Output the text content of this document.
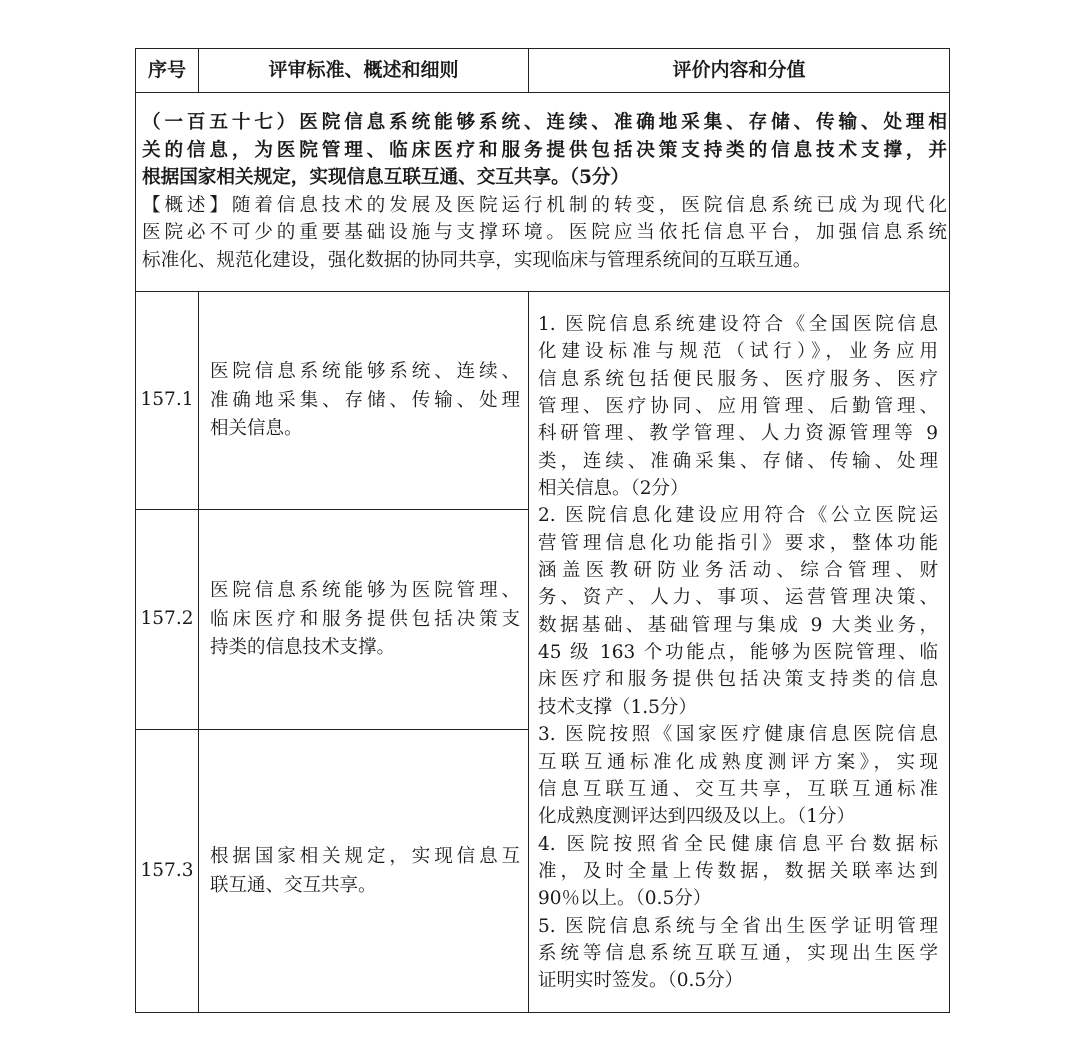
序号	评审标准、概述和细则	评价内容和分值
（一百五十七）医院信息系统能够系统、连续、准确地采集、存储、传输、处理相
关的信息，为医院管理、临床医疗和服务提供包括决策支持类的信息技术支撑，并
根据国家相关规定，实现信息互联互通、交互共享。（5分）
【概述】随着信息技术的发展及医院运行机制的转变，医院信息系统已成为现代化
医院必不可少的重要基础设施与支撑环境。医院应当依托信息平台，加强信息系统
标准化、规范化建设，强化数据的协同共享，实现临床与管理系统间的互联互通。
157.1
医院信息系统能够系统、连续、
准确地采集、存储、传输、处理
相关信息。
157.2
医院信息系统能够为医院管理、
临床医疗和服务提供包括决策支
持类的信息技术支撑。
157.3
根据国家相关规定，实现信息互
联互通、交互共享。
1. 医院信息系统建设符合《全国医院信息
化建设标准与规范（试行）》，业务应用
信息系统包括便民服务、医疗服务、医疗
管理、医疗协同、应用管理、后勤管理、
科研管理、教学管理、人力资源管理等 9
类，连续、准确采集、存储、传输、处理
相关信息。（2分）
2. 医院信息化建设应用符合《公立医院运
营管理信息化功能指引》要求，整体功能
涵盖医教研防业务活动、综合管理、财
务、资产、人力、事项、运营管理决策、
数据基础、基础管理与集成 9 大类业务，
45 级 163 个功能点，能够为医院管理、临
床医疗和服务提供包括决策支持类的信息
技术支撑（1.5分）
3. 医院按照《国家医疗健康信息医院信息
互联互通标准化成熟度测评方案》，实现
信息互联互通、交互共享，互联互通标准
化成熟度测评达到四级及以上。（1分）
4. 医院按照省全民健康信息平台数据标
准，及时全量上传数据，数据关联率达到
90％以上。（0.5分）
5. 医院信息系统与全省出生医学证明管理
系统等信息系统互联互通，实现出生医学
证明实时签发。（0.5分）
